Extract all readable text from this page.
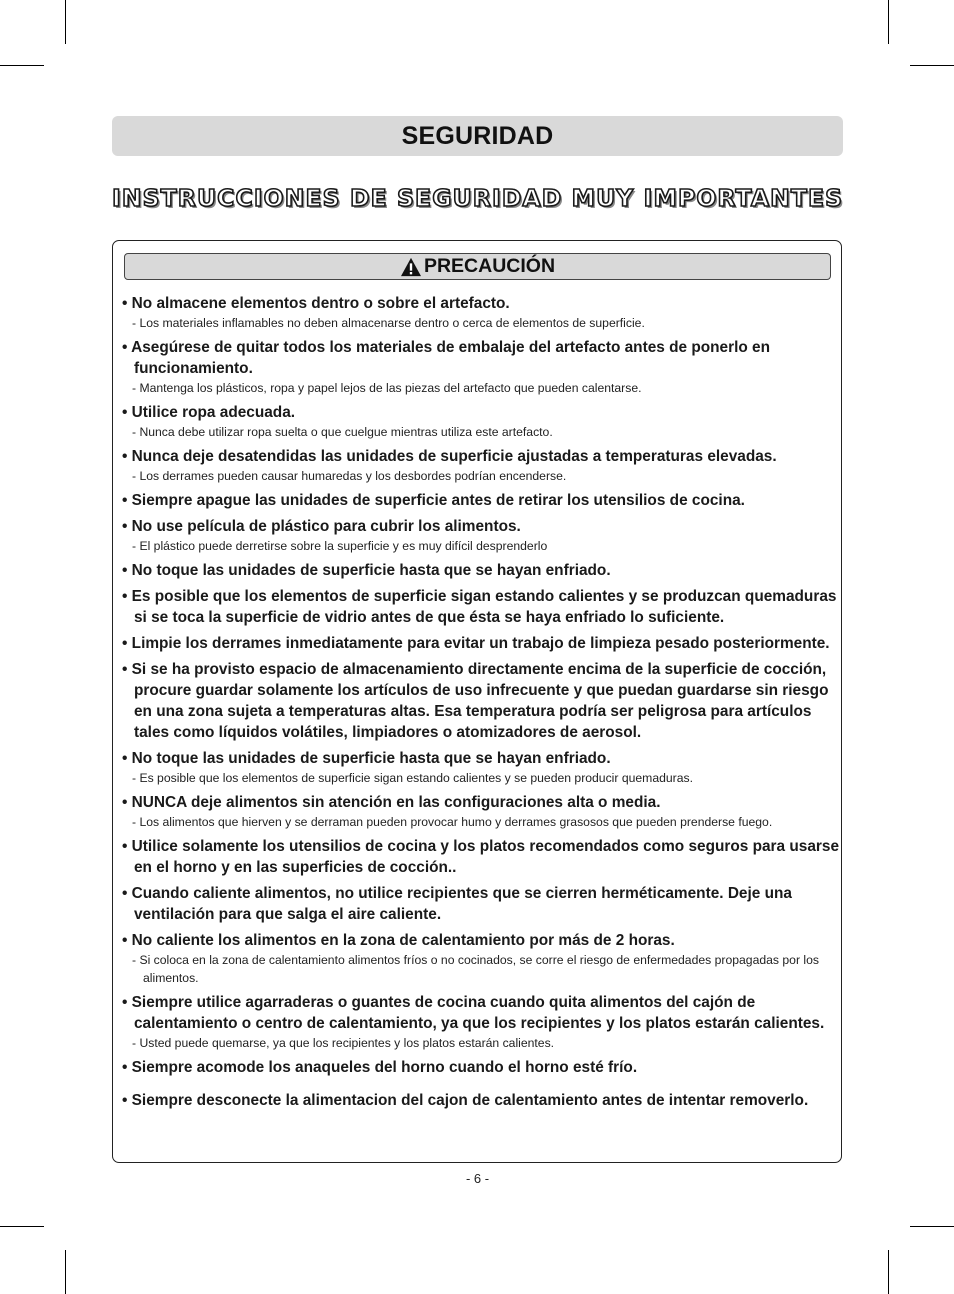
SEGURIDAD
INSTRUCCIONES DE SEGURIDAD MUY IMPORTANTES
PRECAUCIÓN
• No almacene elementos dentro o sobre el artefacto.
- Los materiales inflamables no deben almacenarse dentro o cerca de elementos de superficie.
• Asegúrese de quitar todos los materiales de embalaje del artefacto antes de ponerlo en funcionamiento.
- Mantenga los plásticos, ropa y papel lejos de las piezas del artefacto que pueden calentarse.
• Utilice ropa adecuada.
- Nunca debe utilizar ropa suelta o que cuelgue mientras utiliza este artefacto.
• Nunca deje desatendidas las unidades de superficie ajustadas a temperaturas elevadas.
- Los derrames pueden causar humaredas y los desbordes podrían encenderse.
• Siempre apague las unidades de superficie antes de retirar los utensilios de cocina.
• No use película de plástico para cubrir los alimentos.
- El plástico puede derretirse sobre la superficie y es muy difícil desprenderlo
• No toque las unidades de superficie hasta que se hayan enfriado.
• Es posible que los elementos de superficie sigan estando calientes y se produzcan quemaduras si se toca la superficie de vidrio antes de que ésta se haya enfriado lo suficiente.
• Limpie los derrames inmediatamente para evitar un trabajo de limpieza pesado posteriormente.
• Si se ha provisto espacio de almacenamiento directamente encima de la superficie de cocción, procure guardar solamente los artículos de uso infrecuente y que puedan guardarse sin riesgo en una zona sujeta a temperaturas altas. Esa temperatura podría ser peligrosa para artículos tales como líquidos volátiles, limpiadores o atomizadores de aerosol.
• No toque las unidades de superficie hasta que se hayan enfriado.
- Es posible que los elementos de superficie sigan estando calientes y se pueden producir quemaduras.
• NUNCA deje alimentos sin atención en las configuraciones alta o media.
- Los alimentos que hierven y se derraman pueden provocar humo y derrames grasosos que pueden prenderse fuego.
• Utilice solamente los utensilios de cocina y los platos recomendados como seguros para usarse en el horno y en las superficies de cocción..
• Cuando caliente alimentos, no utilice recipientes que se cierren herméticamente. Deje una ventilación para que salga el aire caliente.
• No caliente los alimentos en la zona de calentamiento por más de 2 horas.
- Si coloca en la zona de calentamiento alimentos fríos o no cocinados, se corre el riesgo de enfermedades propagadas por los alimentos.
• Siempre utilice agarraderas o guantes de cocina cuando quita alimentos del cajón de calentamiento o centro de calentamiento, ya que los recipientes y los platos estarán calientes.
- Usted puede quemarse, ya que los recipientes y los platos estarán calientes.
• Siempre acomode los anaqueles del horno cuando el horno esté frío.
• Siempre desconecte la alimentacion del cajon de calentamiento antes de intentar removerlo.
- 6 -
